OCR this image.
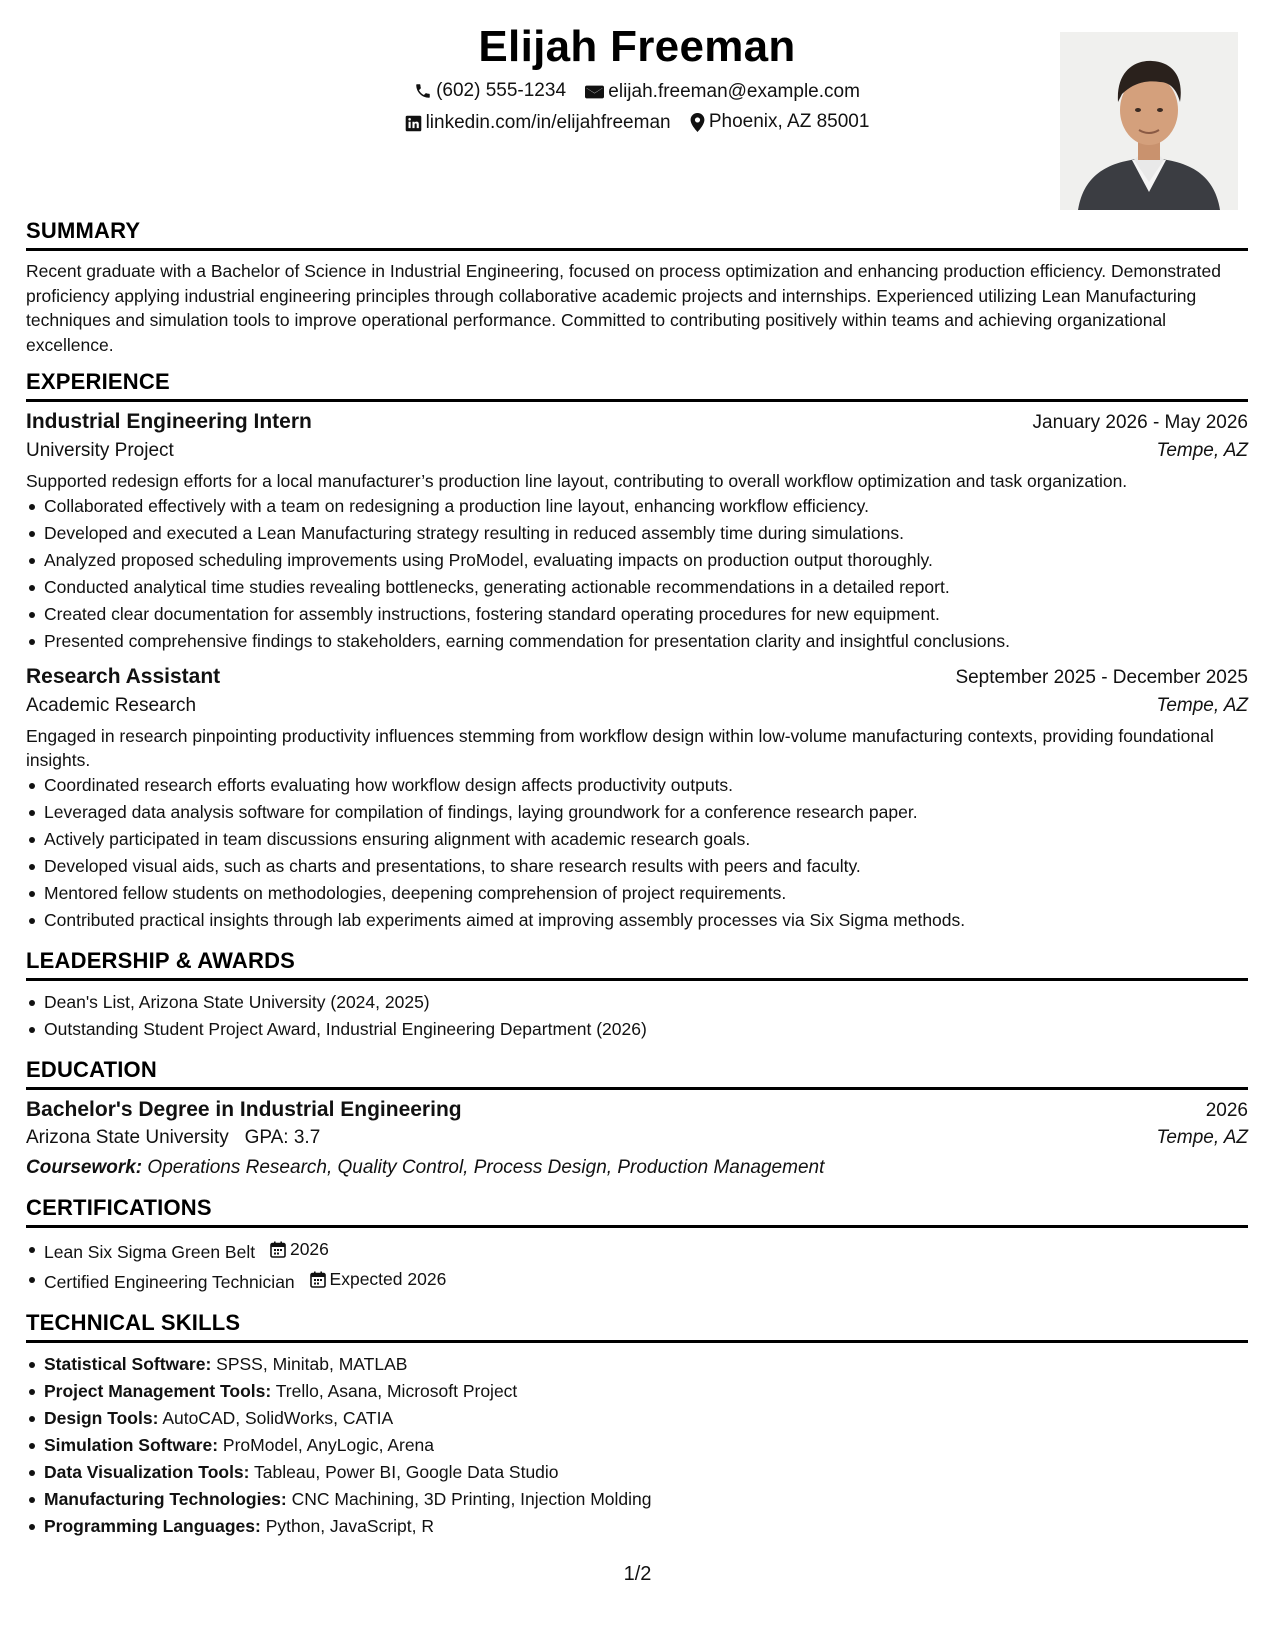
Elijah Freeman
(602) 555-1234
elijah.freeman@example.com
linkedin.com/in/elijahfreeman
Phoenix, AZ 85001
SUMMARY

Recent graduate with a Bachelor of Science in Industrial Engineering, focused on process optimization and enhancing production efficiency. Demonstrated proficiency applying industrial engineering principles through collaborative academic projects and internships. Experienced utilizing Lean Manufacturing techniques and simulation tools to improve operational performance. Committed to contributing positively within teams and achieving organizational excellence.

EXPERIENCE
Industrial Engineering Intern	January 2026 - May 2026
University Project	Tempe, AZ
Supported redesign efforts for a local manufacturer’s production line layout, contributing to overall workflow optimization and task organization.
Collaborated effectively with a team on redesigning a production line layout, enhancing workflow efficiency.
Developed and executed a Lean Manufacturing strategy resulting in reduced assembly time during simulations.
Analyzed proposed scheduling improvements using ProModel, evaluating impacts on production output thoroughly.
Conducted analytical time studies revealing bottlenecks, generating actionable recommendations in a detailed report.
Created clear documentation for assembly instructions, fostering standard operating procedures for new equipment.
Presented comprehensive findings to stakeholders, earning commendation for presentation clarity and insightful conclusions.
Research Assistant	September 2025 - December 2025
Academic Research	Tempe, AZ
Engaged in research pinpointing productivity influences stemming from workflow design within low-volume manufacturing contexts, providing foundational insights.
Coordinated research efforts evaluating how workflow design affects productivity outputs.
Leveraged data analysis software for compilation of findings, laying groundwork for a conference research paper.
Actively participated in team discussions ensuring alignment with academic research goals.
Developed visual aids, such as charts and presentations, to share research results with peers and faculty.
Mentored fellow students on methodologies, deepening comprehension of project requirements.
Contributed practical insights through lab experiments aimed at improving assembly processes via Six Sigma methods.
LEADERSHIP & AWARDS
Dean's List, Arizona State University (2024, 2025)
Outstanding Student Project Award, Industrial Engineering Department (2026)
EDUCATION
Bachelor's Degree in Industrial Engineering	2026
Arizona State University GPA: 3.7	Tempe, AZ
Coursework: Operations Research, Quality Control, Process Design, Production Management
CERTIFICATIONS
Lean Six Sigma Green Belt 2026
Certified Engineering Technician Expected 2026
TECHNICAL SKILLS
Statistical Software: SPSS, Minitab, MATLAB
Project Management Tools: Trello, Asana, Microsoft Project
Design Tools: AutoCAD, SolidWorks, CATIA
Simulation Software: ProModel, AnyLogic, Arena
Data Visualization Tools: Tableau, Power BI, Google Data Studio
Manufacturing Technologies: CNC Machining, 3D Printing, Injection Molding
Programming Languages: Python, JavaScript, R
1/2
